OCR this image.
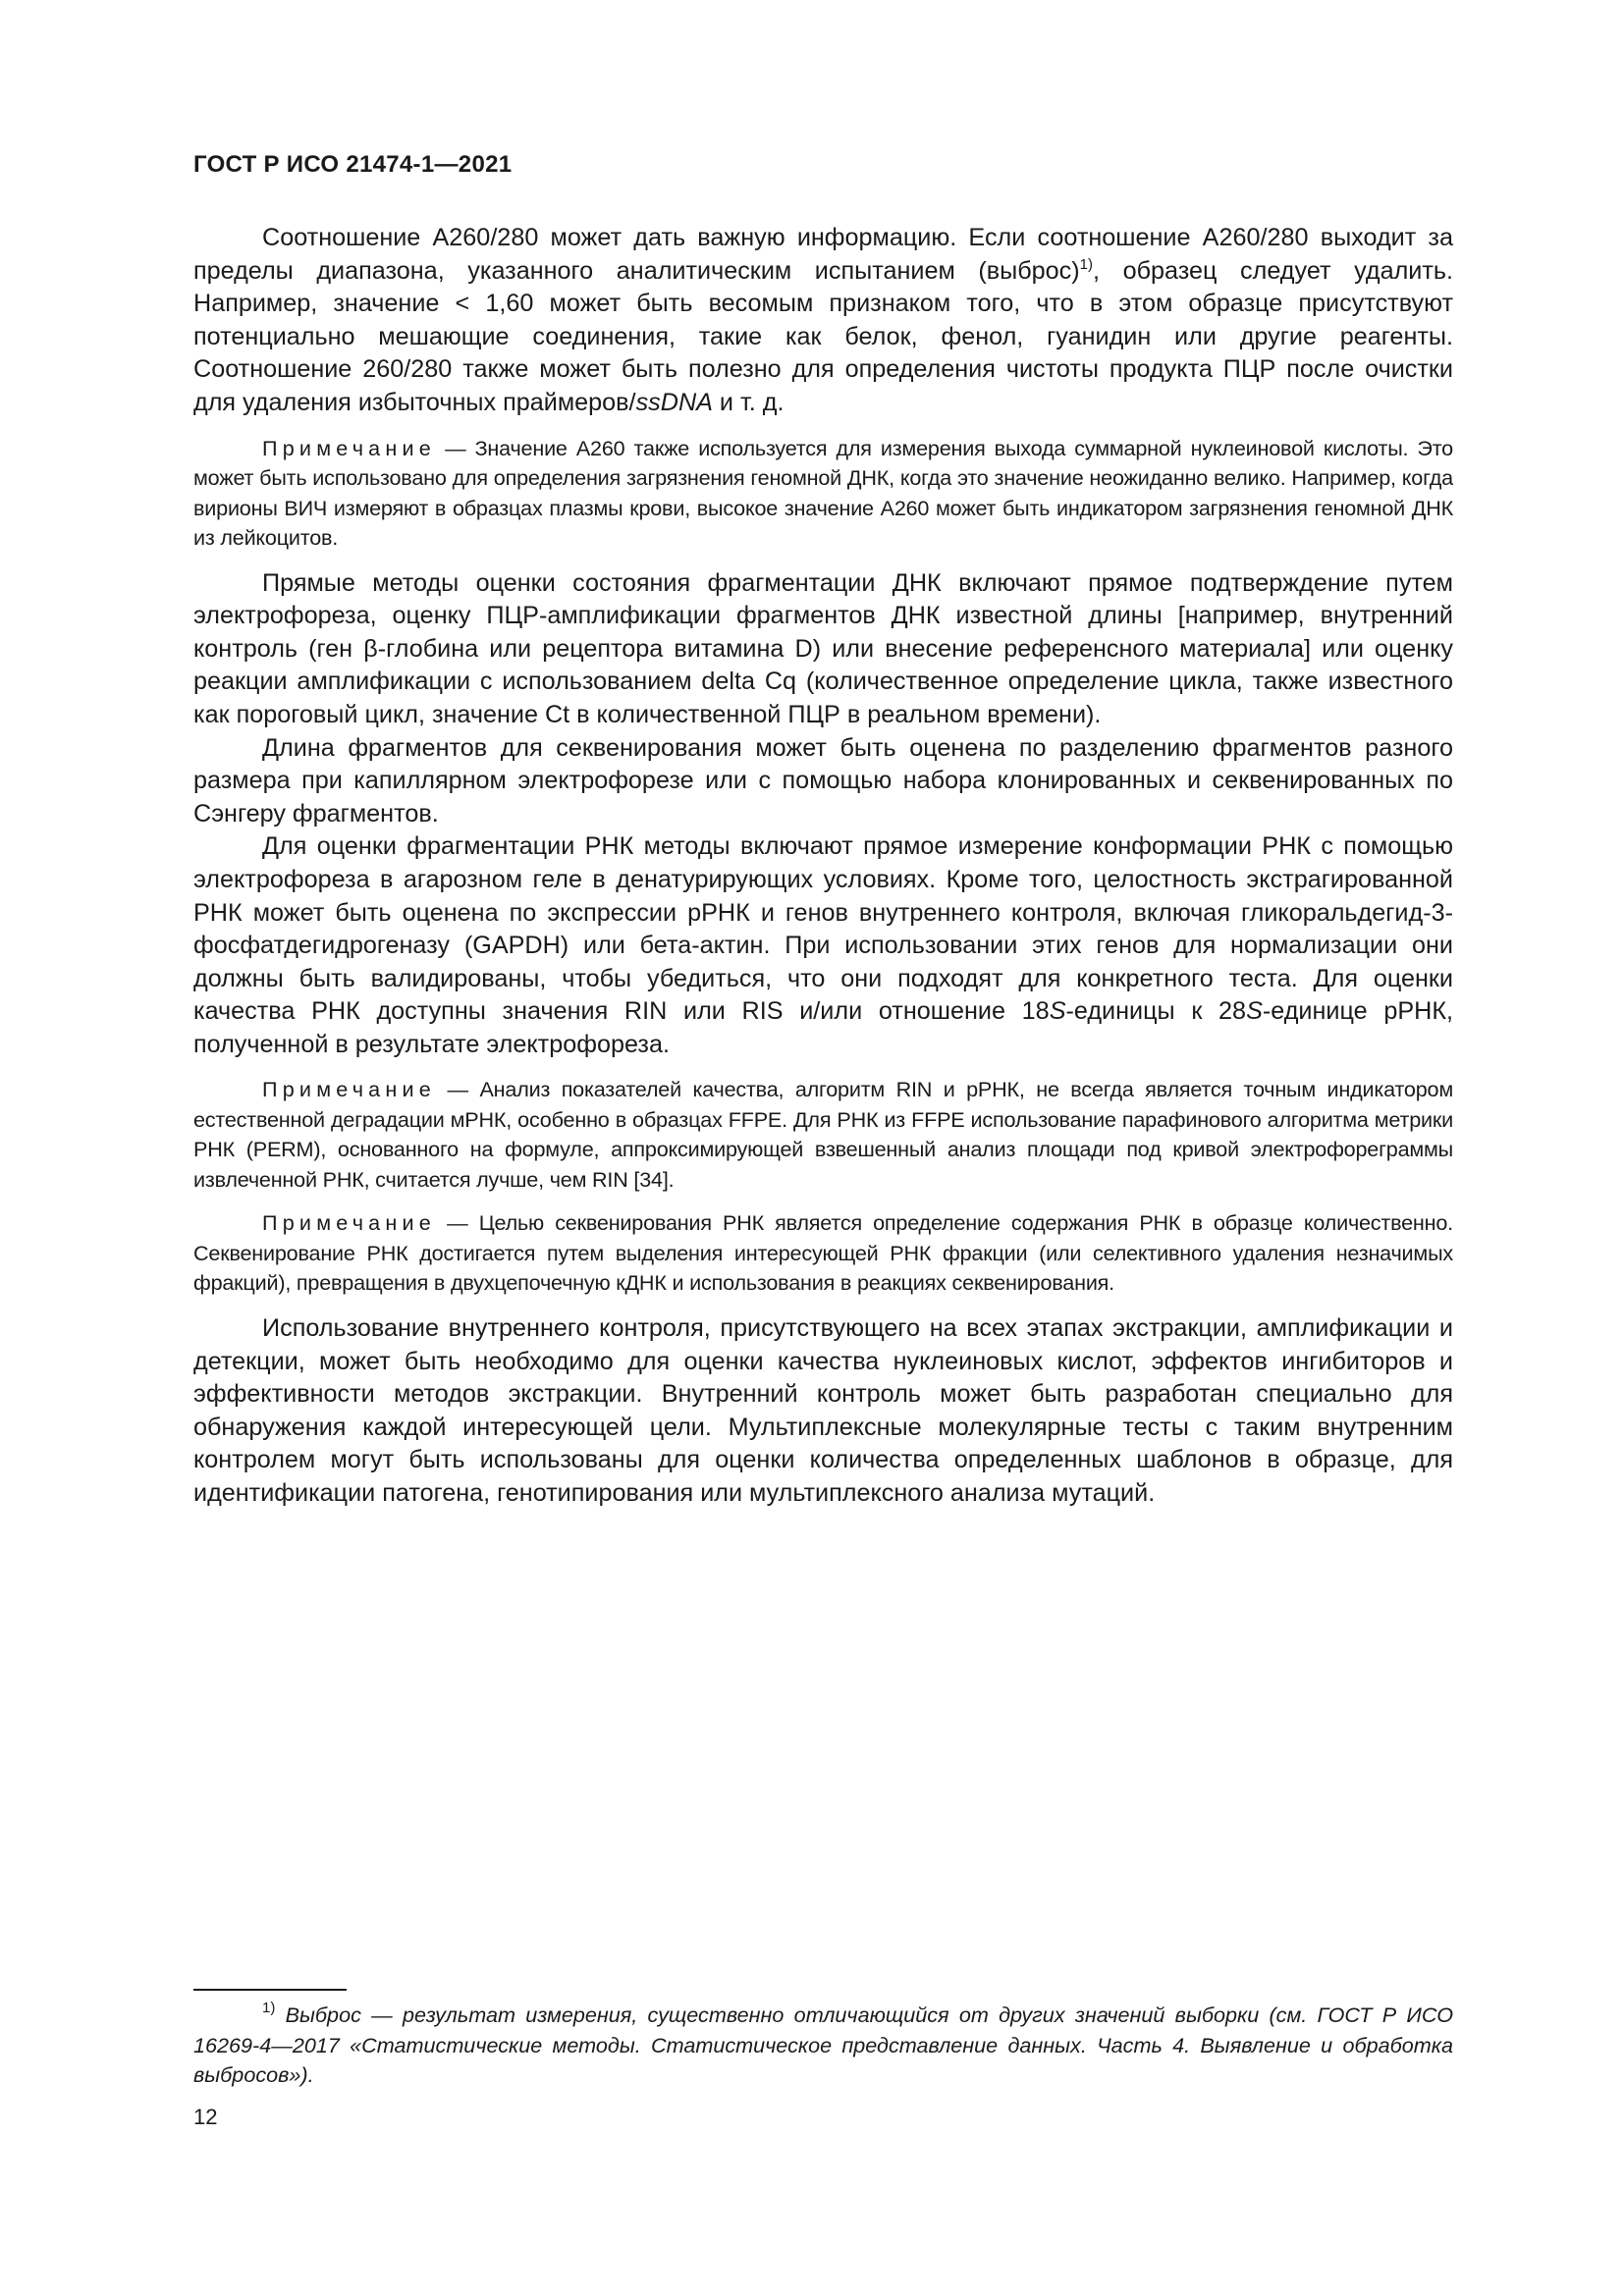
ГОСТ Р ИСО 21474-1—2021

Соотношение А260/280 может дать важную информацию. Если соотношение А260/280 выходит за пределы диапазона, указанного аналитическим испытанием (выброс)$^{1)}$, образец следует удалить. Например, значение < 1,60 может быть весомым признаком того, что в этом образце присутствуют потенциально мешающие соединения, такие как белок, фенол, гуанидин или другие реагенты. Соотношение 260/280 также может быть полезно для определения чистоты продукта ПЦР после очистки для удаления избыточных праймеров/ssDNA и т. д.

Примечание — Значение А260 также используется для измерения выхода суммарной нуклеиновой кислоты. Это может быть использовано для определения загрязнения геномной ДНК, когда это значение неожиданно велико. Например, когда вирионы ВИЧ измеряют в образцах плазмы крови, высокое значение А260 может быть индикатором загрязнения геномной ДНК из лейкоцитов.

Прямые методы оценки состояния фрагментации ДНК включают прямое подтверждение путем электрофореза, оценку ПЦР-амплификации фрагментов ДНК известной длины [например, внутренний контроль (ген β-глобина или рецептора витамина D) или внесение референсного материала] или оценку реакции амплификации с использованием delta Cq (количественное определение цикла, также известного как пороговый цикл, значение Ct в количественной ПЦР в реальном времени).

Длина фрагментов для секвенирования может быть оценена по разделению фрагментов разного размера при капиллярном электрофорезе или с помощью набора клонированных и секвенированных по Сэнгеру фрагментов.

Для оценки фрагментации РНК методы включают прямое измерение конформации РНК с помощью электрофореза в агарозном геле в денатурирующих условиях. Кроме того, целостность экстрагированной РНК может быть оценена по экспрессии рРНК и генов внутреннего контроля, включая гликоральдегид-3-фосфатдегидрогеназу (GAPDH) или бета-актин. При использовании этих генов для нормализации они должны быть валидированы, чтобы убедиться, что они подходят для конкретного теста. Для оценки качества РНК доступны значения RIN или RIS и/или отношение 18S-единицы к 28S-единице рРНК, полученной в результате электрофореза.

Примечание — Анализ показателей качества, алгоритм RIN и рРНК, не всегда является точным индикатором естественной деградации мРНК, особенно в образцах FFPE. Для РНК из FFPE использование парафинового алгоритма метрики РНК (PERM), основанного на формуле, аппроксимирующей взвешенный анализ площади под кривой электрофореграммы извлеченной РНК, считается лучше, чем RIN [34].

Примечание — Целью секвенирования РНК является определение содержания РНК в образце количественно. Секвенирование РНК достигается путем выделения интересующей РНК фракции (или селективного удаления незначимых фракций), превращения в двухцепочечную кДНК и использования в реакциях секвенирования.

Использование внутреннего контроля, присутствующего на всех этапах экстракции, амплификации и детекции, может быть необходимо для оценки качества нуклеиновых кислот, эффектов ингибиторов и эффективности методов экстракции. Внутренний контроль может быть разработан специально для обнаружения каждой интересующей цели. Мультиплексные молекулярные тесты с таким внутренним контролем могут быть использованы для оценки количества определенных шаблонов в образце, для идентификации патогена, генотипирования или мультиплексного анализа мутаций.

$^{1)}$ Выброс — результат измерения, существенно отличающийся от других значений выборки (см. ГОСТ Р ИСО 16269-4—2017 «Статистические методы. Статистическое представление данных. Часть 4. Выявление и обработка выбросов»).

12
